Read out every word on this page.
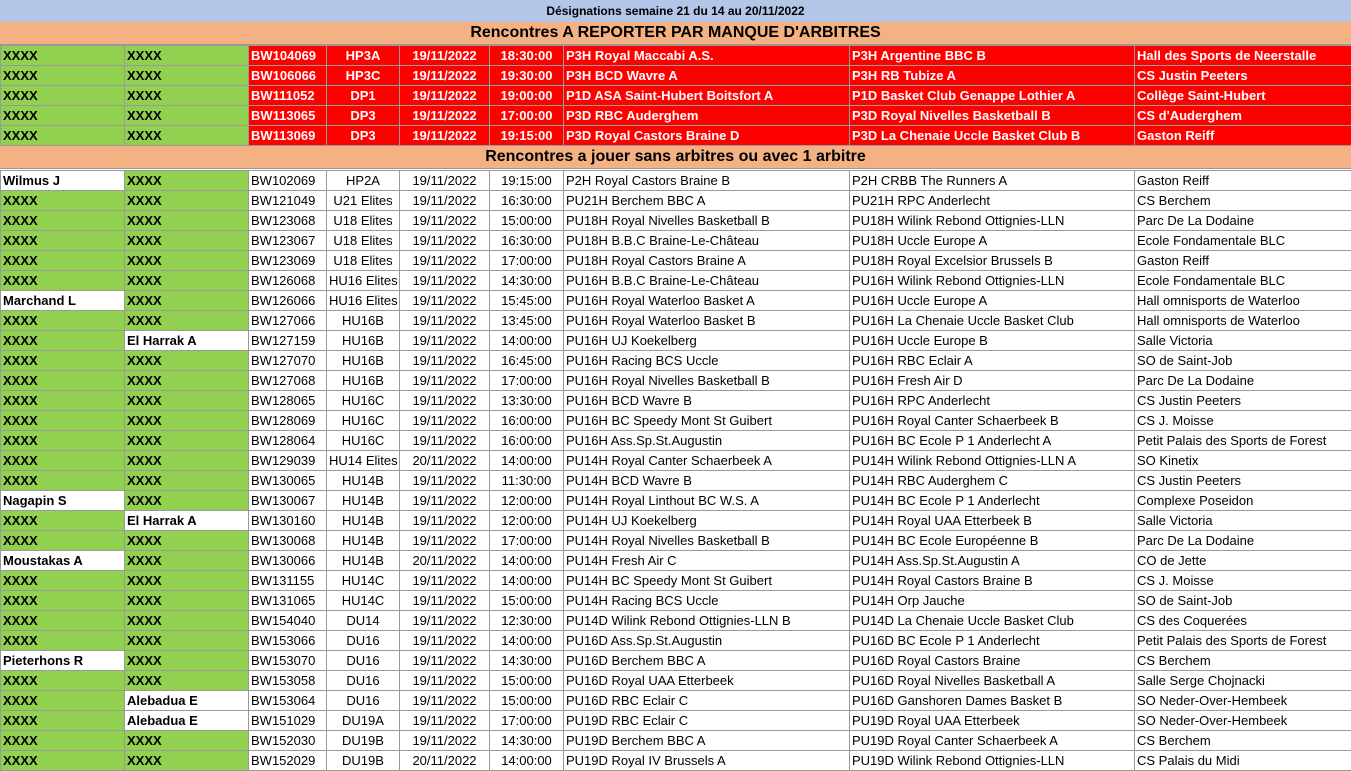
Désignations semaine 21 du 14 au 20/11/2022
Rencontres A REPORTER PAR MANQUE D'ARBITRES
XXXX	XXXX	BW104069	HP3A	19/11/2022	18:30:00	P3H Royal Maccabi A.S.	P3H Argentine BBC B	Hall des Sports de Neerstalle
XXXX	XXXX	BW106066	HP3C	19/11/2022	19:30:00	P3H BCD Wavre A	P3H RB Tubize A	CS Justin Peeters
XXXX	XXXX	BW111052	DP1	19/11/2022	19:00:00	P1D ASA Saint-Hubert Boitsfort A	P1D Basket Club Genappe Lothier A	Collège Saint-Hubert
XXXX	XXXX	BW113065	DP3	19/11/2022	17:00:00	P3D RBC Auderghem	P3D Royal Nivelles Basketball B	CS d'Auderghem
XXXX	XXXX	BW113069	DP3	19/11/2022	19:15:00	P3D Royal Castors Braine D	P3D La Chenaie Uccle Basket Club B	Gaston Reiff
Rencontres a jouer sans arbitres ou avec 1 arbitre
Wilmus J	XXXX	BW102069	HP2A	19/11/2022	19:15:00	P2H Royal Castors Braine B	P2H CRBB The Runners A	Gaston Reiff
XXXX	XXXX	BW121049	U21 Elites	19/11/2022	16:30:00	PU21H Berchem BBC A	PU21H RPC Anderlecht	CS Berchem
XXXX	XXXX	BW123068	U18 Elites	19/11/2022	15:00:00	PU18H Royal Nivelles Basketball B	PU18H Wilink Rebond Ottignies-LLN	Parc De La Dodaine
XXXX	XXXX	BW123067	U18 Elites	19/11/2022	16:30:00	PU18H B.B.C Braine-Le-Château	PU18H Uccle Europe A	Ecole Fondamentale BLC
XXXX	XXXX	BW123069	U18 Elites	19/11/2022	17:00:00	PU18H Royal Castors Braine A	PU18H Royal Excelsior Brussels B	Gaston Reiff
XXXX	XXXX	BW126068	HU16 Elites	19/11/2022	14:30:00	PU16H B.B.C Braine-Le-Château	PU16H Wilink Rebond Ottignies-LLN	Ecole Fondamentale BLC
Marchand L	XXXX	BW126066	HU16 Elites	19/11/2022	15:45:00	PU16H Royal Waterloo Basket A	PU16H Uccle Europe A	Hall omnisports de Waterloo
XXXX	XXXX	BW127066	HU16B	19/11/2022	13:45:00	PU16H Royal Waterloo Basket B	PU16H La Chenaie Uccle Basket Club	Hall omnisports de Waterloo
XXXX	El Harrak A	BW127159	HU16B	19/11/2022	14:00:00	PU16H UJ Koekelberg	PU16H Uccle Europe B	Salle Victoria
XXXX	XXXX	BW127070	HU16B	19/11/2022	16:45:00	PU16H Racing BCS Uccle	PU16H RBC Eclair A	SO de Saint-Job
XXXX	XXXX	BW127068	HU16B	19/11/2022	17:00:00	PU16H Royal Nivelles Basketball B	PU16H Fresh Air D	Parc De La Dodaine
XXXX	XXXX	BW128065	HU16C	19/11/2022	13:30:00	PU16H BCD Wavre B	PU16H RPC Anderlecht	CS Justin Peeters
XXXX	XXXX	BW128069	HU16C	19/11/2022	16:00:00	PU16H BC Speedy Mont St Guibert	PU16H Royal Canter Schaerbeek B	CS J. Moisse
XXXX	XXXX	BW128064	HU16C	19/11/2022	16:00:00	PU16H Ass.Sp.St.Augustin	PU16H BC Ecole P 1 Anderlecht A	Petit Palais des Sports de Forest
XXXX	XXXX	BW129039	HU14 Elites	20/11/2022	14:00:00	PU14H Royal Canter Schaerbeek A	PU14H Wilink Rebond Ottignies-LLN A	SO Kinetix
XXXX	XXXX	BW130065	HU14B	19/11/2022	11:30:00	PU14H BCD Wavre B	PU14H RBC Auderghem C	CS Justin Peeters
Nagapin S	XXXX	BW130067	HU14B	19/11/2022	12:00:00	PU14H Royal Linthout BC W.S. A	PU14H BC Ecole P 1 Anderlecht	Complexe Poseidon
XXXX	El Harrak A	BW130160	HU14B	19/11/2022	12:00:00	PU14H UJ Koekelberg	PU14H Royal UAA Etterbeek B	Salle Victoria
XXXX	XXXX	BW130068	HU14B	19/11/2022	17:00:00	PU14H Royal Nivelles Basketball B	PU14H BC Ecole Européenne B	Parc De La Dodaine
Moustakas A	XXXX	BW130066	HU14B	20/11/2022	14:00:00	PU14H Fresh Air C	PU14H Ass.Sp.St.Augustin A	CO de Jette
XXXX	XXXX	BW131155	HU14C	19/11/2022	14:00:00	PU14H BC Speedy Mont St Guibert	PU14H Royal Castors Braine B	CS J. Moisse
XXXX	XXXX	BW131065	HU14C	19/11/2022	15:00:00	PU14H Racing BCS Uccle	PU14H Orp Jauche	SO de Saint-Job
XXXX	XXXX	BW154040	DU14	19/11/2022	12:30:00	PU14D Wilink Rebond Ottignies-LLN B	PU14D La Chenaie Uccle Basket Club	CS des Coquerées
XXXX	XXXX	BW153066	DU16	19/11/2022	14:00:00	PU16D Ass.Sp.St.Augustin	PU16D BC Ecole P 1 Anderlecht	Petit Palais des Sports de Forest
Pieterhons R	XXXX	BW153070	DU16	19/11/2022	14:30:00	PU16D Berchem BBC A	PU16D Royal Castors Braine	CS Berchem
XXXX	XXXX	BW153058	DU16	19/11/2022	15:00:00	PU16D Royal UAA Etterbeek	PU16D Royal Nivelles Basketball A	Salle Serge Chojnacki
XXXX	Alebadua E	BW153064	DU16	19/11/2022	15:00:00	PU16D RBC Eclair C	PU16D Ganshoren Dames Basket B	SO Neder-Over-Hembeek
XXXX	Alebadua E	BW151029	DU19A	19/11/2022	17:00:00	PU19D RBC Eclair C	PU19D Royal UAA Etterbeek	SO Neder-Over-Hembeek
XXXX	XXXX	BW152030	DU19B	19/11/2022	14:30:00	PU19D Berchem BBC A	PU19D Royal Canter Schaerbeek A	CS Berchem
XXXX	XXXX	BW152029	DU19B	20/11/2022	14:00:00	PU19D Royal IV Brussels A	PU19D Wilink Rebond Ottignies-LLN	CS Palais du Midi
